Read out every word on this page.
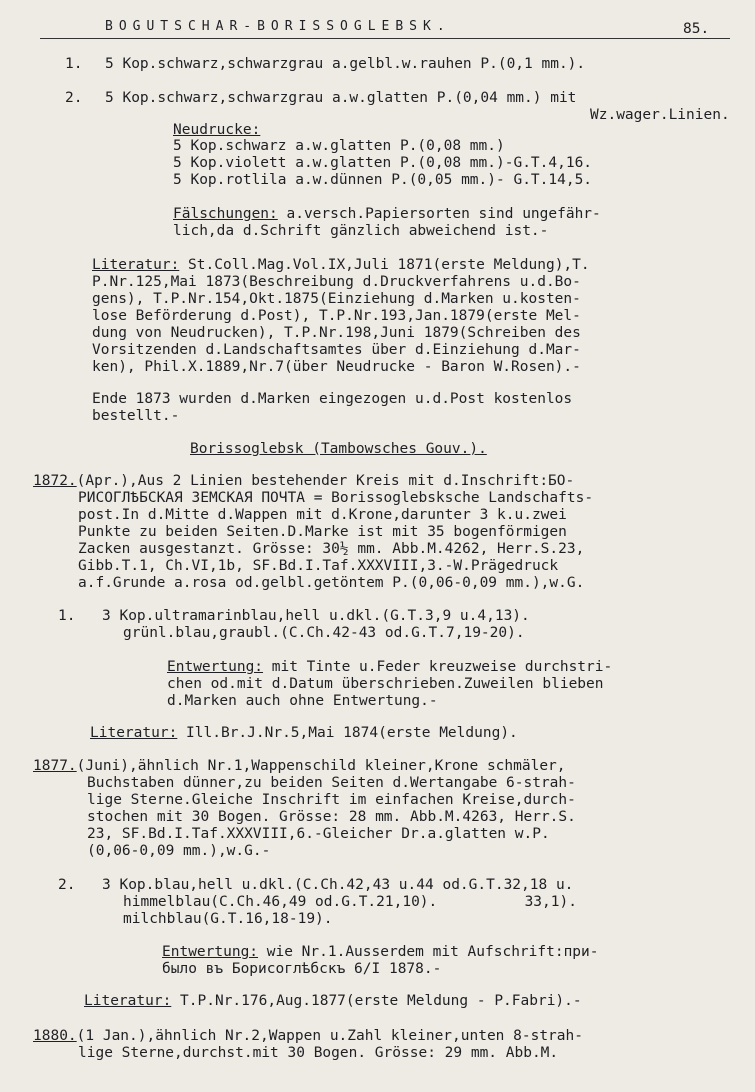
BOGUTSCHAR-BORISSOGLEBSK.	85.
1. 5 Kop.schwarz,schwarzgrau a.gelbl.w.rauhen P.(0,1 mm.).
2. 5 Kop.schwarz,schwarzgrau a.w.glatten P.(0,04 mm.) mit
Wz.wager.Linien.
Neudrucke:
5 Kop.schwarz a.w.glatten P.(0,08 mm.)
5 Kop.violett a.w.glatten P.(0,08 mm.)-G.T.4,16.
5 Kop.rotlila a.w.dünnen P.(0,05 mm.)- G.T.14,5.
Fälschungen: a.versch.Papiersorten sind ungefähr-
lich,da d.Schrift gänzlich abweichend ist.-
Literatur: St.Coll.Mag.Vol.IX,Juli 1871(erste Meldung),T.
P.Nr.125,Mai 1873(Beschreibung d.Druckverfahrens u.d.Bo-
gens), T.P.Nr.154,Okt.1875(Einziehung d.Marken u.kosten-
lose Beförderung d.Post), T.P.Nr.193,Jan.1879(erste Mel-
dung von Neudrucken), T.P.Nr.198,Juni 1879(Schreiben des
Vorsitzenden d.Landschaftsamtes über d.Einziehung d.Mar-
ken), Phil.X.1889,Nr.7(über Neudrucke - Baron W.Rosen).-
Ende 1873 wurden d.Marken eingezogen u.d.Post kostenlos
bestellt.-
Borissoglebsk (Tambowsches Gouv.).
1872.(Apr.),Aus 2 Linien bestehender Kreis mit d.Inschrift:БО-
РИСОГЛѢБСКАЯ ЗЕМСКАЯ ПОЧТА = Borissoglebsksche Landschafts-
post.In d.Mitte d.Wappen mit d.Krone,darunter 3 k.u.zwei
Punkte zu beiden Seiten.D.Marke ist mit 35 bogenförmigen
Zacken ausgestanzt. Grösse: 30½ mm. Abb.M.4262, Herr.S.23,
Gibb.T.1, Ch.VI,1b, SF.Bd.I.Taf.XXXVIII,3.-W.Prägedruck
a.f.Grunde a.rosa od.gelbl.getöntem P.(0,06-0,09 mm.),w.G.
1. 3 Kop.ultramarinblau,hell u.dkl.(G.T.3,9 u.4,13).
grünl.blau,graubl.(C.Ch.42-43 od.G.T.7,19-20).
Entwertung: mit Tinte u.Feder kreuzweise durchstri-
chen od.mit d.Datum überschrieben.Zuweilen blieben
d.Marken auch ohne Entwertung.-
Literatur: Ill.Br.J.Nr.5,Mai 1874(erste Meldung).
1877.(Juni),ähnlich Nr.1,Wappenschild kleiner,Krone schmäler,
Buchstaben dünner,zu beiden Seiten d.Wertangabe 6-strah-
lige Sterne.Gleiche Inschrift im einfachen Kreise,durch-
stochen mit 30 Bogen. Grösse: 28 mm. Abb.M.4263, Herr.S.
23, SF.Bd.I.Taf.XXXVIII,6.-Gleicher Dr.a.glatten w.P.
(0,06-0,09 mm.),w.G.-
2. 3 Kop.blau,hell u.dkl.(C.Ch.42,43 u.44 od.G.T.32,18 u.
himmelblau(C.Ch.46,49 od.G.T.21,10).          33,1).
milchblau(G.T.16,18-19).
Entwertung: wie Nr.1.Ausserdem mit Aufschrift:при-
было въ Борисоглѣбскъ 6/I 1878.-
Literatur: T.P.Nr.176,Aug.1877(erste Meldung - P.Fabri).-
1880.(1 Jan.),ähnlich Nr.2,Wappen u.Zahl kleiner,unten 8-strah-
lige Sterne,durchst.mit 30 Bogen. Grösse: 29 mm. Abb.M.
